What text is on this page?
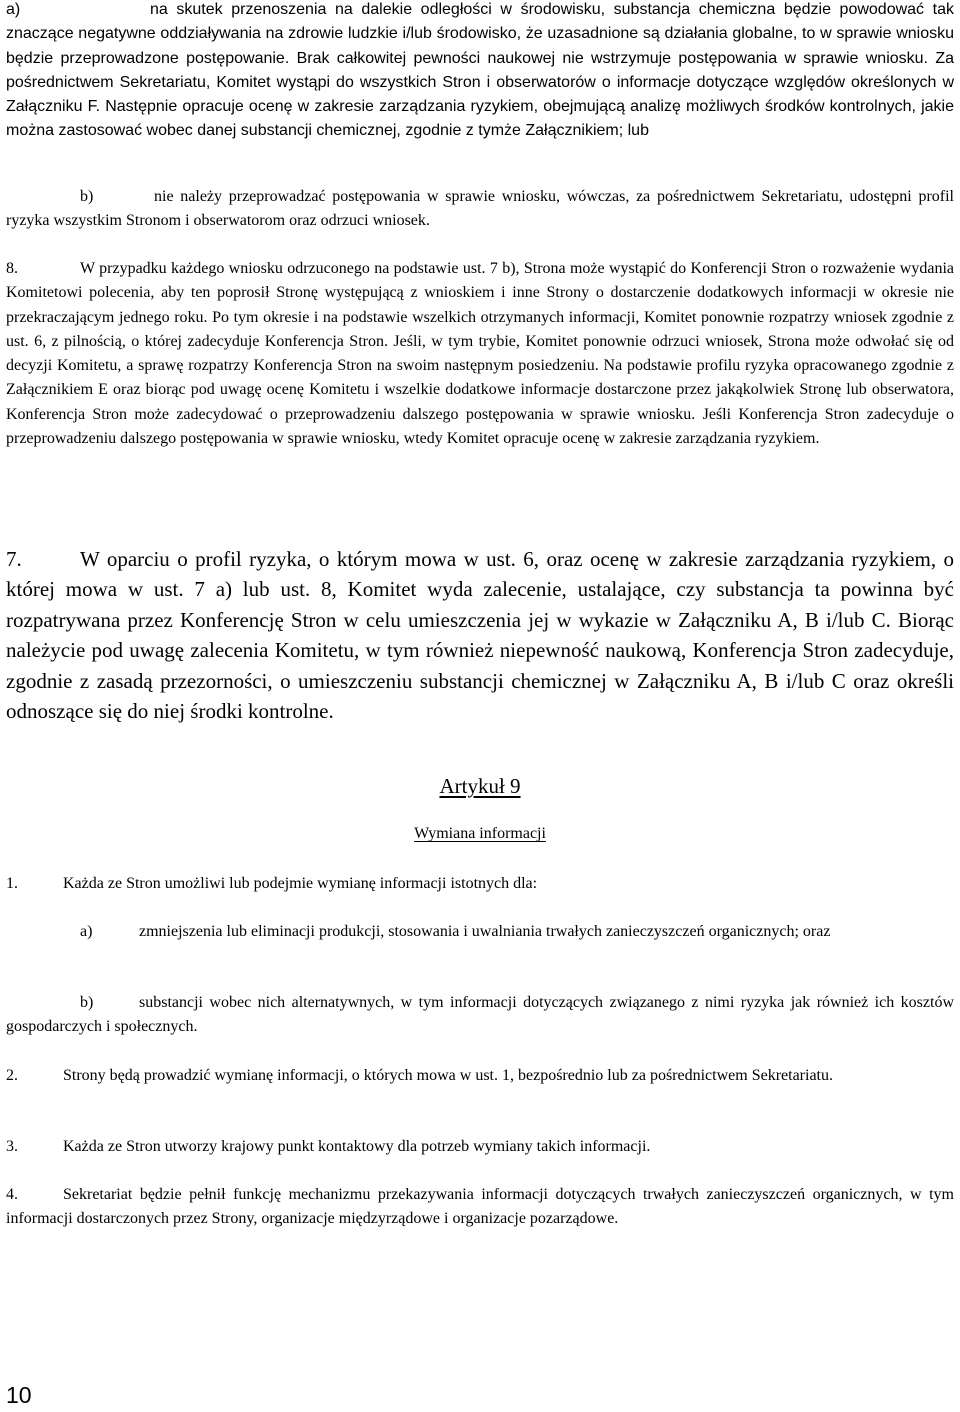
a)	na skutek przenoszenia na dalekie odległości w środowisku, substancja chemiczna będzie powodować tak znaczące negatywne oddziaływania na zdrowie ludzkie i/lub środowisko, że uzasadnione są działania globalne, to w sprawie wniosku będzie przeprowadzone postępowanie. Brak całkowitej pewności naukowej nie wstrzymuje postępowania w sprawie wniosku. Za pośrednictwem Sekretariatu, Komitet wystąpi do wszystkich Stron i obserwatorów o informacje dotyczące względów określonych w Załączniku F. Następnie opracuje ocenę w zakresie zarządzania ryzykiem, obejmującą analizę możliwych środków kontrolnych, jakie można zastosować wobec danej substancji chemicznej, zgodnie z tymże Załącznikiem; lub

b)	nie należy przeprowadzać postępowania w sprawie wniosku, wówczas, za pośrednictwem Sekretariatu, udostępni profil ryzyka wszystkim Stronom i obserwatorom oraz odrzuci wniosek.

8.	W przypadku każdego wniosku odrzuconego na podstawie ust. 7 b), Strona może wystąpić do Konferencji Stron o rozważenie wydania Komitetowi polecenia, aby ten poprosił Stronę występującą z wnioskiem i inne Strony o dostarczenie dodatkowych informacji w okresie nie przekraczającym jednego roku. Po tym okresie i na podstawie wszelkich otrzymanych informacji, Komitet ponownie rozpatrzy wniosek zgodnie z ust. 6, z pilnością, o której zadecyduje Konferencja Stron. Jeśli, w tym trybie, Komitet ponownie odrzuci wniosek, Strona może odwołać się od decyzji Komitetu, a sprawę rozpatrzy Konferencja Stron na swoim następnym posiedzeniu. Na podstawie profilu ryzyka opracowanego zgodnie z Załącznikiem E oraz biorąc pod uwagę ocenę Komitetu i wszelkie dodatkowe informacje dostarczone przez jakąkolwiek Stronę lub obserwatora, Konferencja Stron może zadecydować o przeprowadzeniu dalszego postępowania w sprawie wniosku. Jeśli Konferencja Stron zadecyduje o przeprowadzeniu dalszego postępowania w sprawie wniosku, wtedy Komitet opracuje ocenę w zakresie zarządzania ryzykiem.

7.	W oparciu o profil ryzyka, o którym mowa w ust. 6, oraz ocenę w zakresie zarządzania ryzykiem, o której mowa w ust. 7 a) lub ust. 8, Komitet wyda zalecenie, ustalające, czy substancja ta powinna być rozpatrywana przez Konferencję Stron w celu umieszczenia jej w wykazie w Załączniku A, B i/lub C. Biorąc należycie pod uwagę zalecenia Komitetu, w tym również niepewność naukową, Konferencja Stron zadecyduje, zgodnie z zasadą przezorności, o umieszczeniu substancji chemicznej w Załączniku A, B i/lub C oraz określi odnoszące się do niej środki kontrolne.

Artykuł 9
Wymiana informacji

1.	Każda ze Stron umożliwi lub podejmie wymianę informacji istotnych dla:

a)	zmniejszenia lub eliminacji produkcji, stosowania i uwalniania trwałych zanieczyszczeń organicznych; oraz

b)	substancji wobec nich alternatywnych, w tym informacji dotyczących związanego z nimi ryzyka jak również ich kosztów gospodarczych i społecznych.

2.	Strony będą prowadzić wymianę informacji, o których mowa w ust. 1, bezpośrednio lub za pośrednictwem Sekretariatu.

3.	Każda ze Stron utworzy krajowy punkt kontaktowy dla potrzeb wymiany takich informacji.

4.	Sekretariat będzie pełnił funkcję mechanizmu przekazywania informacji dotyczących trwałych zanieczyszczeń organicznych, w tym informacji dostarczonych przez Strony, organizacje międzyrządowe i organizacje pozarządowe.

10
